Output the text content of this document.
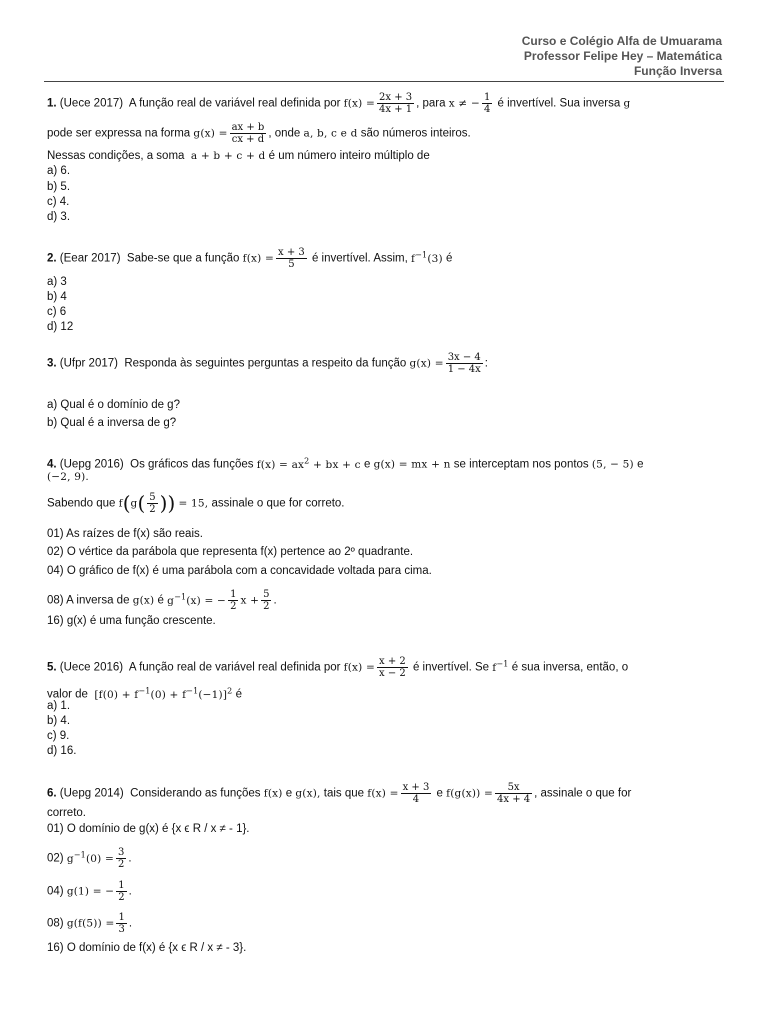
Curso e Colégio Alfa de Umuarama
Professor Felipe Hey – Matemática
Função Inversa
1. (Uece 2017) A função real de variável real definida por $f(x) = \frac{2x + 3}{4x + 1}$ , para x ≠ − $\frac{1}{4}$ é invertível. Sua inversa g
pode ser expressa na forma $g(x) = \frac{ax + b}{cx + d}$ , onde a, b, c e d são números inteiros.
Nessas condições, a soma a + b + c + d é um número inteiro múltiplo de
a) 6.
b) 5.
c) 4.
d) 3.
2. (Eear 2017) Sabe-se que a função $f(x) = \frac{x + 3}{5}$ é invertível. Assim, $f^{-1}(3)$ é
a) 3
b) 4
c) 6
d) 12
3. (Ufpr 2017) Responda às seguintes perguntas a respeito da função $g(x) = \frac{3x - 4}{1 - 4x}$ :
a) Qual é o domínio de g?
b) Qual é a inversa de g?
4. (Uepg 2016) Os gráficos das funções $f(x) = ax^2$ + bx + c e g(x) = mx + n se interceptam nos pontos (5, − 5) e
(−2, 9).
Sabendo que $f(g( \frac{5}{2}$ )) = 15, assinale o que for correto.
01) As raízes de f(x) são reais.
02) O vértice da parábola que representa f(x) pertence ao 2º quadrante.
04) O gráfico de f(x) é uma parábola com a concavidade voltada para cima.
08) A inversa de g(x) é $g^{-1}(x)$ = − $\frac{1}{2}$ $x + \frac{5}{2}$ .
16) g(x) é uma função crescente.
5. (Uece 2016) A função real de variável real definida por $f(x) = \frac{x + 2}{x - 2}$ é invertível. Se $f^{-1}$ é sua inversa, então, o
valor de $[f(0) + f^{-1}(0) + f^{-1}(-1)]^2$ é
a) 1.
b) 4.
c) 9.
d) 16.
6. (Uepg 2014) Considerando as funções f(x) e g(x), tais que $f(x) = \frac{x + 3}{4}$ e $f(g(x)) = \frac{5x}{4x + 4}$ , assinale o que for
correto.
01) O domínio de g(x) é {x ϵ R / x ≠ - 1}.
02) $g^{-1}(0) = \frac{3}{2}$ .
04) g(1) = − $\frac{1}{2}$ .
08) $g(f(5)) = \frac{1}{3}$ .
16) O domínio de f(x) é {x ϵ R / x ≠ - 3}.
